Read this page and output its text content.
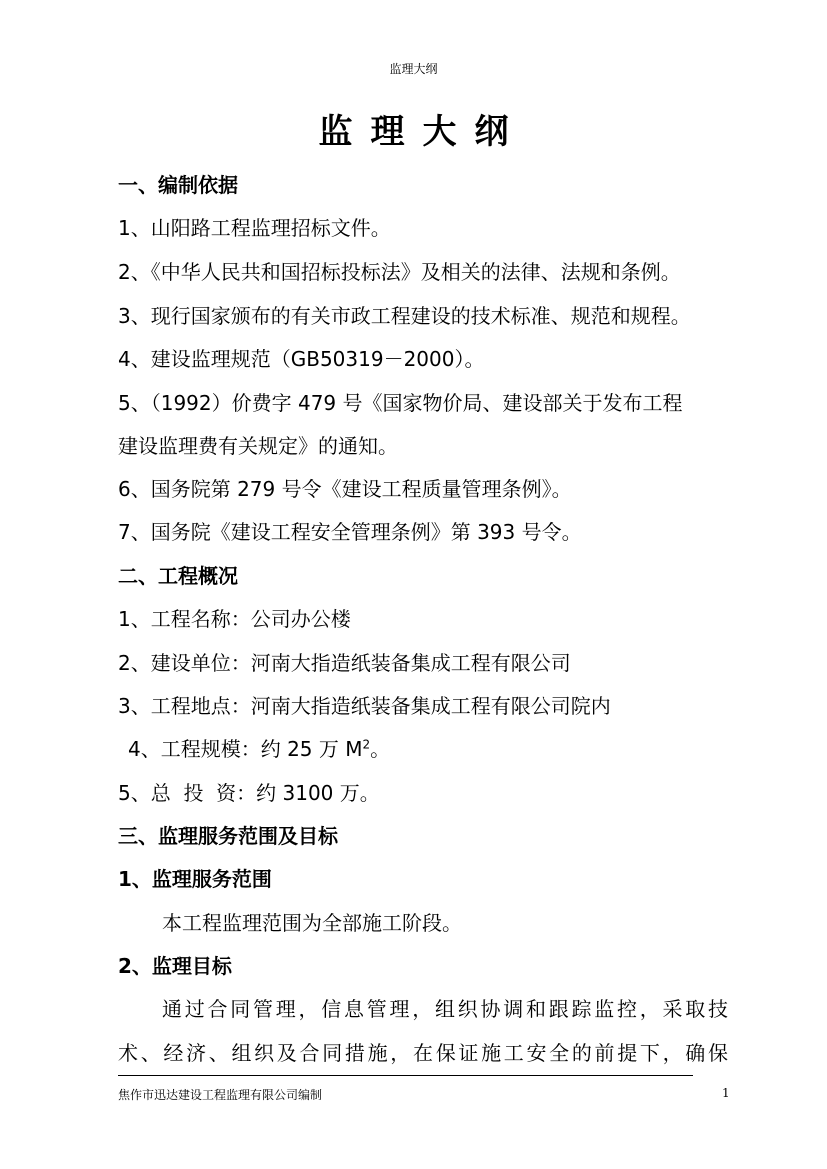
监理大纲
监理大纲
一、编制依据
1、山阳路工程监理招标文件。
2、《中华人民共和国招标投标法》及相关的法律、法规和条例。
3、现行国家颁布的有关市政工程建设的技术标准、规范和规程。
4、建设监理规范（GB50319－2000）。
5、（1992）价费字 479 号《国家物价局、建设部关于发布工程
建设监理费有关规定》的通知。
6、国务院第 279 号令《建设工程质量管理条例》。
7、国务院《建设工程安全管理条例》第 393 号令。
二、工程概况
1、工程名称：公司办公楼
2、建设单位：河南大指造纸装备集成工程有限公司
3、工程地点：河南大指造纸装备集成工程有限公司院内
4、工程规模：约 25 万 $M^2$。
5、总  投  资：约 3100 万。
三、监理服务范围及目标
1、监理服务范围
本工程监理范围为全部施工阶段。
2、监理目标
通过合同管理，信息管理，组织协调和跟踪监控，采取技
术、经济、组织及合同措施，在保证施工安全的前提下，确保
焦作市迅达建设工程监理有限公司编制	1
